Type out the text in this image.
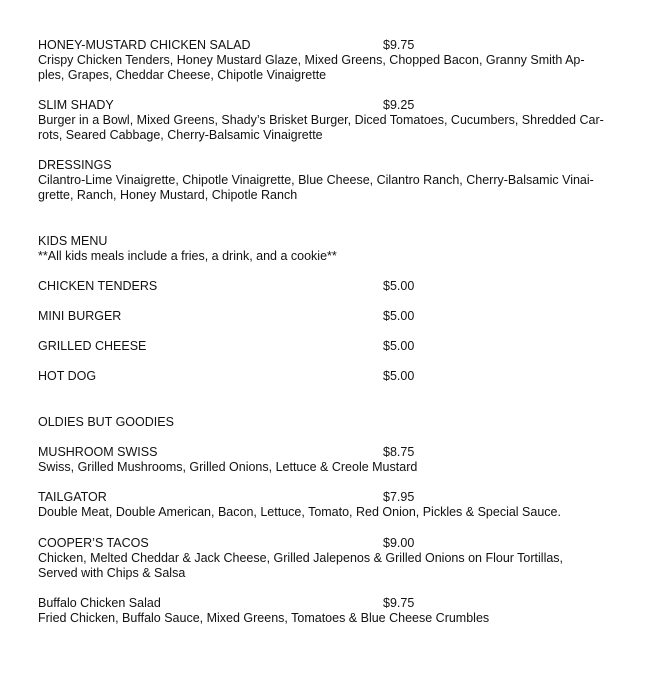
HONEY-MUSTARD CHICKEN SALAD	$9.75
Crispy Chicken Tenders, Honey Mustard Glaze, Mixed Greens, Chopped Bacon, Granny Smith Ap-
ples, Grapes, Cheddar Cheese, Chipotle Vinaigrette
SLIM SHADY	$9.25
Burger in a Bowl, Mixed Greens, Shady’s Brisket Burger, Diced Tomatoes, Cucumbers, Shredded Car-
rots, Seared Cabbage, Cherry-Balsamic Vinaigrette
DRESSINGS
Cilantro-Lime Vinaigrette, Chipotle Vinaigrette, Blue Cheese, Cilantro Ranch, Cherry-Balsamic Vinai-
grette, Ranch, Honey Mustard, Chipotle Ranch
KIDS MENU
**All kids meals include a fries, a drink, and a cookie**
CHICKEN TENDERS	$5.00
MINI BURGER	$5.00
GRILLED CHEESE	$5.00
HOT DOG	$5.00
OLDIES BUT GOODIES
MUSHROOM SWISS	$8.75
Swiss, Grilled Mushrooms, Grilled Onions, Lettuce & Creole Mustard
TAILGATOR	$7.95
Double Meat, Double American, Bacon, Lettuce, Tomato, Red Onion, Pickles & Special Sauce.
COOPER’S TACOS	$9.00
Chicken, Melted Cheddar & Jack Cheese, Grilled Jalepenos & Grilled Onions on Flour Tortillas,
Served with Chips & Salsa
Buffalo Chicken Salad	$9.75
Fried Chicken, Buffalo Sauce, Mixed Greens, Tomatoes & Blue Cheese Crumbles
